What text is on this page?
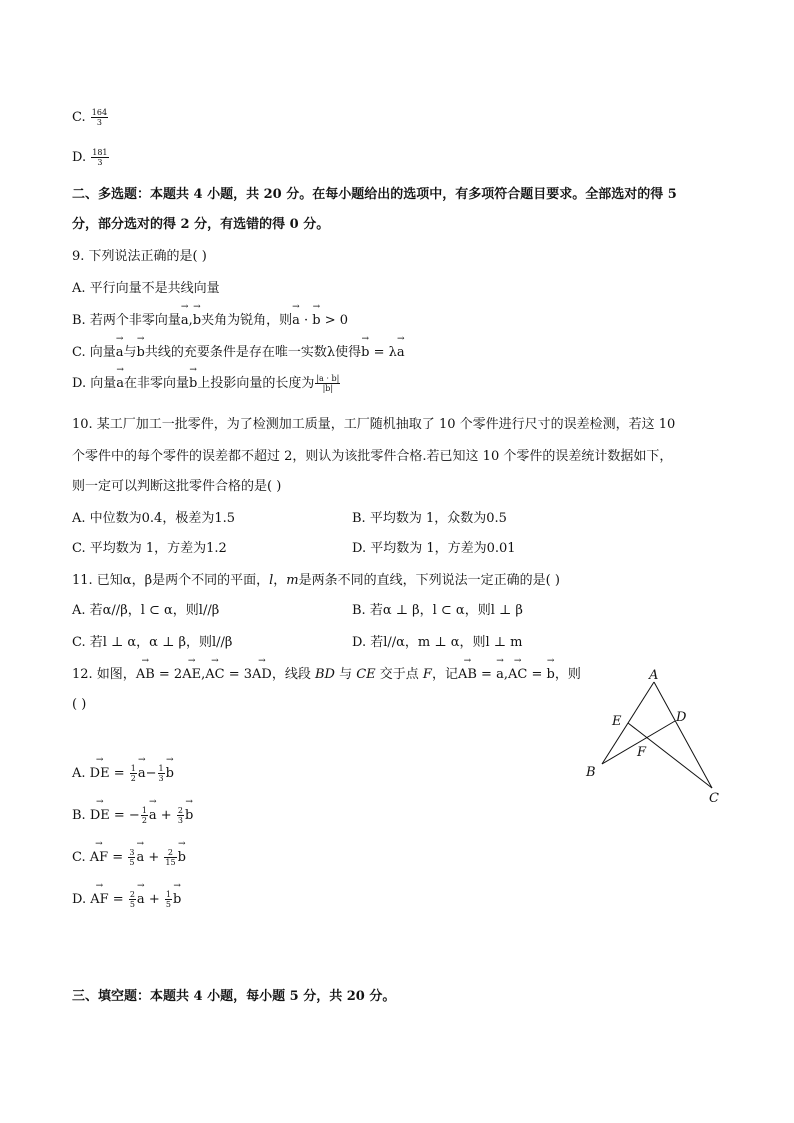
C. $\frac{164}{3}$
D. $\frac{181}{3}$
二、多选题：本题共 4 小题，共 20 分。在每小题给出的选项中，有多项符合题目要求。全部选对的得 5
分，部分选对的得 2 分，有选错的得 0 分。
9. 下列说法正确的是( )
A. 平行向量不是共线向量
B. 若两个非零向量→ a,→ b夹角为锐角，则→ a · → b > 0
C. 向量→ a与→ b共线的充要条件是存在唯一实数λ使得→ b = λ→ a
D. 向量→ a在非零向量→ b上投影向量的长度为 $\frac{|a \cdot b|}{|b|}$
10. 某工厂加工一批零件，为了检测加工质量，工厂随机抽取了 10 个零件进行尺寸的误差检测，若这 10
个零件中的每个零件的误差都不超过 2，则认为该批零件合格.若已知这 10 个零件的误差统计数据如下，
则一定可以判断这批零件合格的是( )
A. 中位数为0.4，极差为1.5	B. 平均数为 1，众数为0.5
C. 平均数为 1，方差为1.2	D. 平均数为 1，方差为0.01
11. 已知α，β是两个不同的平面，l，m是两条不同的直线，下列说法一定正确的是( )
A. 若α//β，l ⊂ α，则l//β	B. 若α ⊥ β，l ⊂ α，则l ⊥ β
C. 若l ⊥ α，α ⊥ β，则l//β	D. 若l//α，m ⊥ α，则l ⊥ m
12. 如图，→ AB = 2→ AE,→ AC = 3→ AD，线段 BD 与 CE 交于点 F，记→ AB = → a,→ AC = → b，则
( )
A. → DE = $\frac{1}{2}$
→ $a- \frac{1}{3}$
→ b
B. → DE = − $\frac{1}{2}$
→ $a + \frac{2}{3}$
→ b
C. → AF = $\frac{3}{5}$
→ $a + \frac{2}{15}$
→ b
D. → AF = $\frac{2}{5}$
→ $a + \frac{1}{5}$
→ b
A
B
C
D
E
F
三、填空题：本题共 4 小题，每小题 5 分，共 20 分。
